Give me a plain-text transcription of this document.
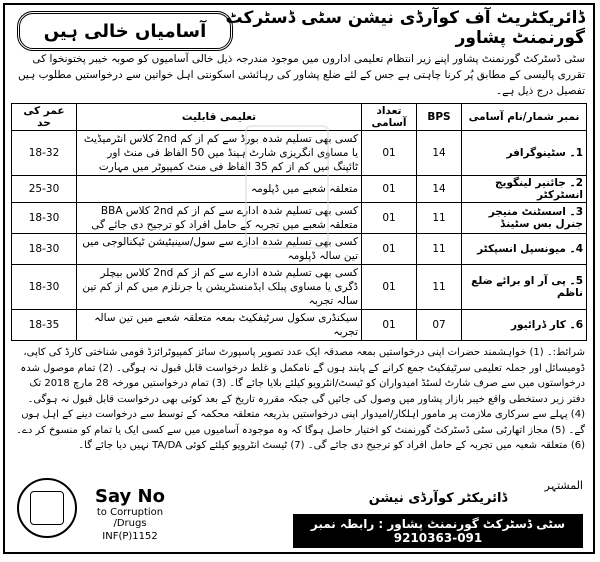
ڈائریکٹریٹ آف کوآرڈی نیشن سٹی ڈسٹرکٹ گورنمنٹ پشاور
آسامیاں خالی ہیں
سٹی ڈسٹرکٹ گورنمنٹ پشاور اپنے زیر انتظام تعلیمی اداروں میں موجود مندرجہ ذیل خالی آسامیوں کو صوبہ خیبر پختونخوا کی تقرری پالیسی کے مطابق پُر کرنا چاہتی ہے جس کے لئے ضلع پشاور کی رہائشی اسکونتی اہل خواتین سے درخواستیں مطلوب ہیں تفصیل درج ذیل ہے۔
نمبر شمار/نام آسامی	BPS	تعداد آسامی	تعلیمی قابلیت	عمر کی حد
1۔ سٹینوگرافر	14	01	کسی بھی تسلیم شدہ بورڈ سے کم از کم 2nd کلاس انٹرمیڈیٹ یا مساوی انگریزی شارٹ ہینڈ میں 50 الفاظ فی منٹ اور ٹائپنگ میں کم از کم 35 الفاظ فی منٹ کمپیوٹر میں مہارت	18-32
2۔ جائنیر لینگویج انسٹرکٹر	14	01	متعلقہ شعبے میں ڈپلومہ	25-30
3۔ اسسٹنٹ منیجر جنرل بس سٹینڈ	11	01	کسی بھی تسلیم شدہ ادارے سے کم از کم 2nd کلاس BBA متعلقہ شعبے میں تجربہ کے حامل افراد کو ترجیح دی جائے گی	18-30
4۔ میونسپل انسپکٹر	11	01	کسی بھی تسلیم شدہ ادارے سے سول/سینیٹیشن ٹیکنالوجی میں تین سالہ ڈپلومہ	18-30
5۔ پی آر او برائے ضلع ناظم	11	01	کسی بھی تسلیم شدہ ادارے سے کم از کم 2nd کلاس بیچلر ڈگری یا مساوی پبلک ایڈمنسٹریشن یا جرنلزم میں کم از کم تین سالہ تجربہ	18-30
6۔ کار ڈرائیور	07	01	سیکنڈری سکول سرٹیفکیٹ بمعہ متعلقہ شعبے میں تین سالہ تجربہ	18-35
شرائط:۔ (1) خواہشمند حضرات اپنی درخواستیں بمعہ مصدقہ ایک عدد تصویر پاسپورٹ سائز کمپیوٹرائزڈ قومی شناختی کارڈ کی کاپی، ڈومیسائل اور جملہ تعلیمی سرٹیفکیٹ جمع کرانے کے پابند ہوں گے نامکمل و غلط درخواست قابل قبول نہ ہوگی۔ (2) تمام موصول شدہ درخواستوں میں سے صرف شارٹ لسٹڈ امیدواران کو ٹیسٹ/انٹرویو کیلئے بلایا جائے گا۔ (3) تمام درخواستیں مورخہ 28 مارچ 2018 تک دفتر زیر دستخطی واقع خیبر بازار پشاور میں وصول کی جائیں گی جبکہ مقررہ تاریخ کے بعد کوئی بھی درخواست قابل قبول نہ ہوگی۔ (4) پہلے سے سرکاری ملازمت پر مامور اہلکار/امیدوار اپنی درخواستیں بذریعہ متعلقہ محکمہ کے توسط سے درخواست دینے کے اہل ہوں گے۔ (5) مجاز اتھارٹی سٹی ڈسٹرکٹ گورنمنٹ کو اختیار حاصل ہوگا کہ وہ موجودہ آسامیوں میں سے کسی ایک یا تمام کو منسوخ کر دے۔ (6) متعلقہ شعبہ میں تجربہ کے حامل افراد کو ترجیح دی جائے گی۔ (7) ٹیسٹ انٹرویو کیلئے کوئی TA/DA نہیں دیا جائے گا۔
Say No
to Corruption
/Drugs
INF(P)1152
المشتہر
ڈائریکٹر کوآرڈی نیشن
سٹی ڈسٹرکٹ گورنمنٹ پشاور : رابطہ نمبر 091-9210363
